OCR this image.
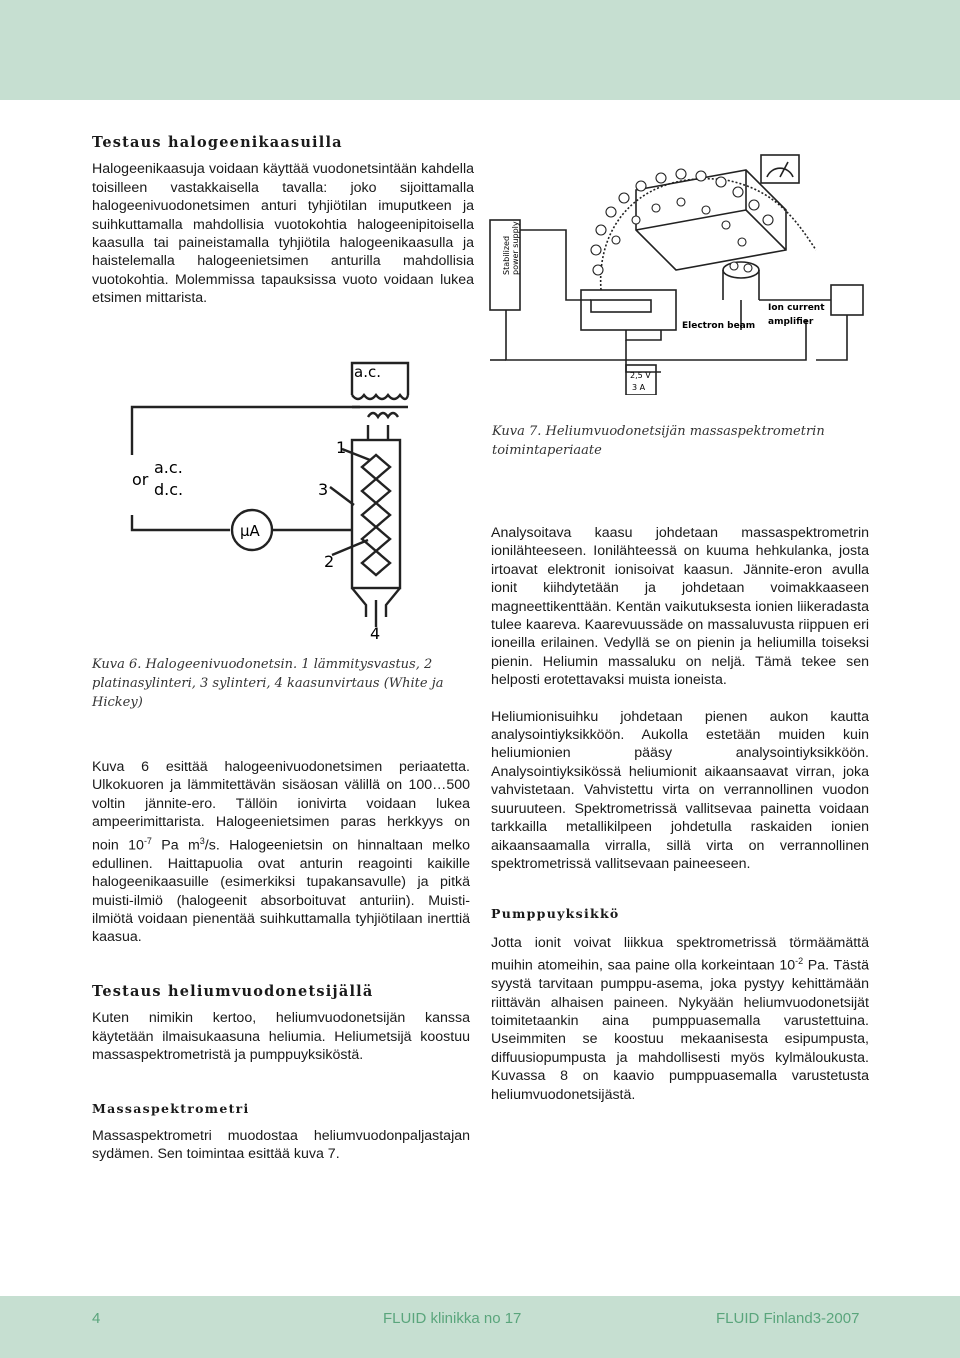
Testaus halogeenikaasuilla

Halogeenikaasuja voidaan käyttää vuodonetsintään kahdella toisilleen vastakkaisella tavalla: joko sijoittamalla halogeenivuodonetsimen anturi tyhjiötilan imuputkeen ja suihkuttamalla mahdollisia vuotokohtia halogeenipitoisella kaasulla tai paineistamalla tyhjiötila halogeenikaasulla ja haistelemalla halogeenietsimen anturilla mahdollisia vuotokohtia. Molemmissa tapauksissa vuoto voidaan lukea etsimen mittarista.

Stabilized power supply
Ion current
amplifier
Electron beam
2,5 V
3 A
Kuva 7. Heliumvuodonetsijän massaspektrometrin toimintaperiaate
a.c.
or
a.c.
d.c.
μA
1
3
2
4
Kuva 6. Halogeenivuodonetsin. 1 lämmitysvastus, 2 platinasylinteri, 3 sylinteri, 4 kaasunvirtaus (White ja Hickey)

Kuva 6 esittää halogeenivuodonetsimen periaatetta. Ulkokuoren ja lämmitettävän sisäosan välillä on 100…500 voltin jännite-ero. Tällöin ionivirta voidaan lukea ampeerimittarista. Halogeenietsimen paras herkkyys on noin $10^{-7}$ Pa $m^3/s$. Halogeenietsin on hinnaltaan melko edullinen. Haittapuolia ovat anturin reagointi kaikille halogeenikaasuille (esimerkiksi tupakansavulle) ja pitkä muisti-ilmiö (halogeenit absorboituvat anturiin). Muisti-ilmiötä voidaan pienentää suihkuttamalla tyhjiötilaan inerttiä kaasua.

Testaus heliumvuodonetsijällä

Kuten nimikin kertoo, heliumvuodonetsijän kanssa käytetään ilmaisukaasuna heliumia. Heliumetsijä koostuu massaspektrometristä ja pumppuyksiköstä.

Massaspektrometri

Massaspektrometri muodostaa heliumvuodonpaljastajan sydämen. Sen toimintaa esittää kuva 7.

Analysoitava kaasu johdetaan massaspektrometrin ionilähteeseen. Ionilähteessä on kuuma hehkulanka, josta irtoavat elektronit ionisoivat kaasun. Jännite-eron avulla ionit kiihdytetään ja johdetaan voimakkaaseen magneettikenttään. Kentän vaikutuksesta ionien liikeradasta tulee kaareva. Kaarevuussäde on massaluvusta riippuen eri ioneilla erilainen. Vedyllä se on pienin ja heliumilla toiseksi pienin. Heliumin massaluku on neljä. Tämä tekee sen helposti erotettavaksi muista ioneista.

Heliumionisuihku johdetaan pienen aukon kautta analysointiyksikköön. Aukolla estetään muiden kuin heliumionien pääsy analysointiyksikköön. Analysointiyksikössä heliumionit aikaansaavat virran, joka vahvistetaan. Vahvistettu virta on verrannollinen vuodon suuruuteen. Spektrometrissä vallitsevaa painetta voidaan tarkkailla metallikilpeen johdetulla raskaiden ionien aikaansaamalla virralla, sillä virta on verrannollinen spektrometrissä vallitsevaan paineeseen.

Pumppuyksikkö

Jotta ionit voivat liikkua spektrometrissä törmäämättä muihin atomeihin, saa paine olla korkeintaan $10^{-2}$ Pa. Tästä syystä tarvitaan pumppu-asema, joka pystyy kehittämään riittävän alhaisen paineen. Nykyään heliumvuodonetsijät toimitetaankin aina pumppuasemalla varustettuina. Useimmiten se koostuu mekaanisesta esipumpusta, diffuusiopumpusta ja mahdollisesti myös kylmäloukusta. Kuvassa 8 on kaavio pumppuasemalla varustetusta heliumvuodonetsijästä.

4	FLUID klinikka no 17	FLUID Finland3-2007
